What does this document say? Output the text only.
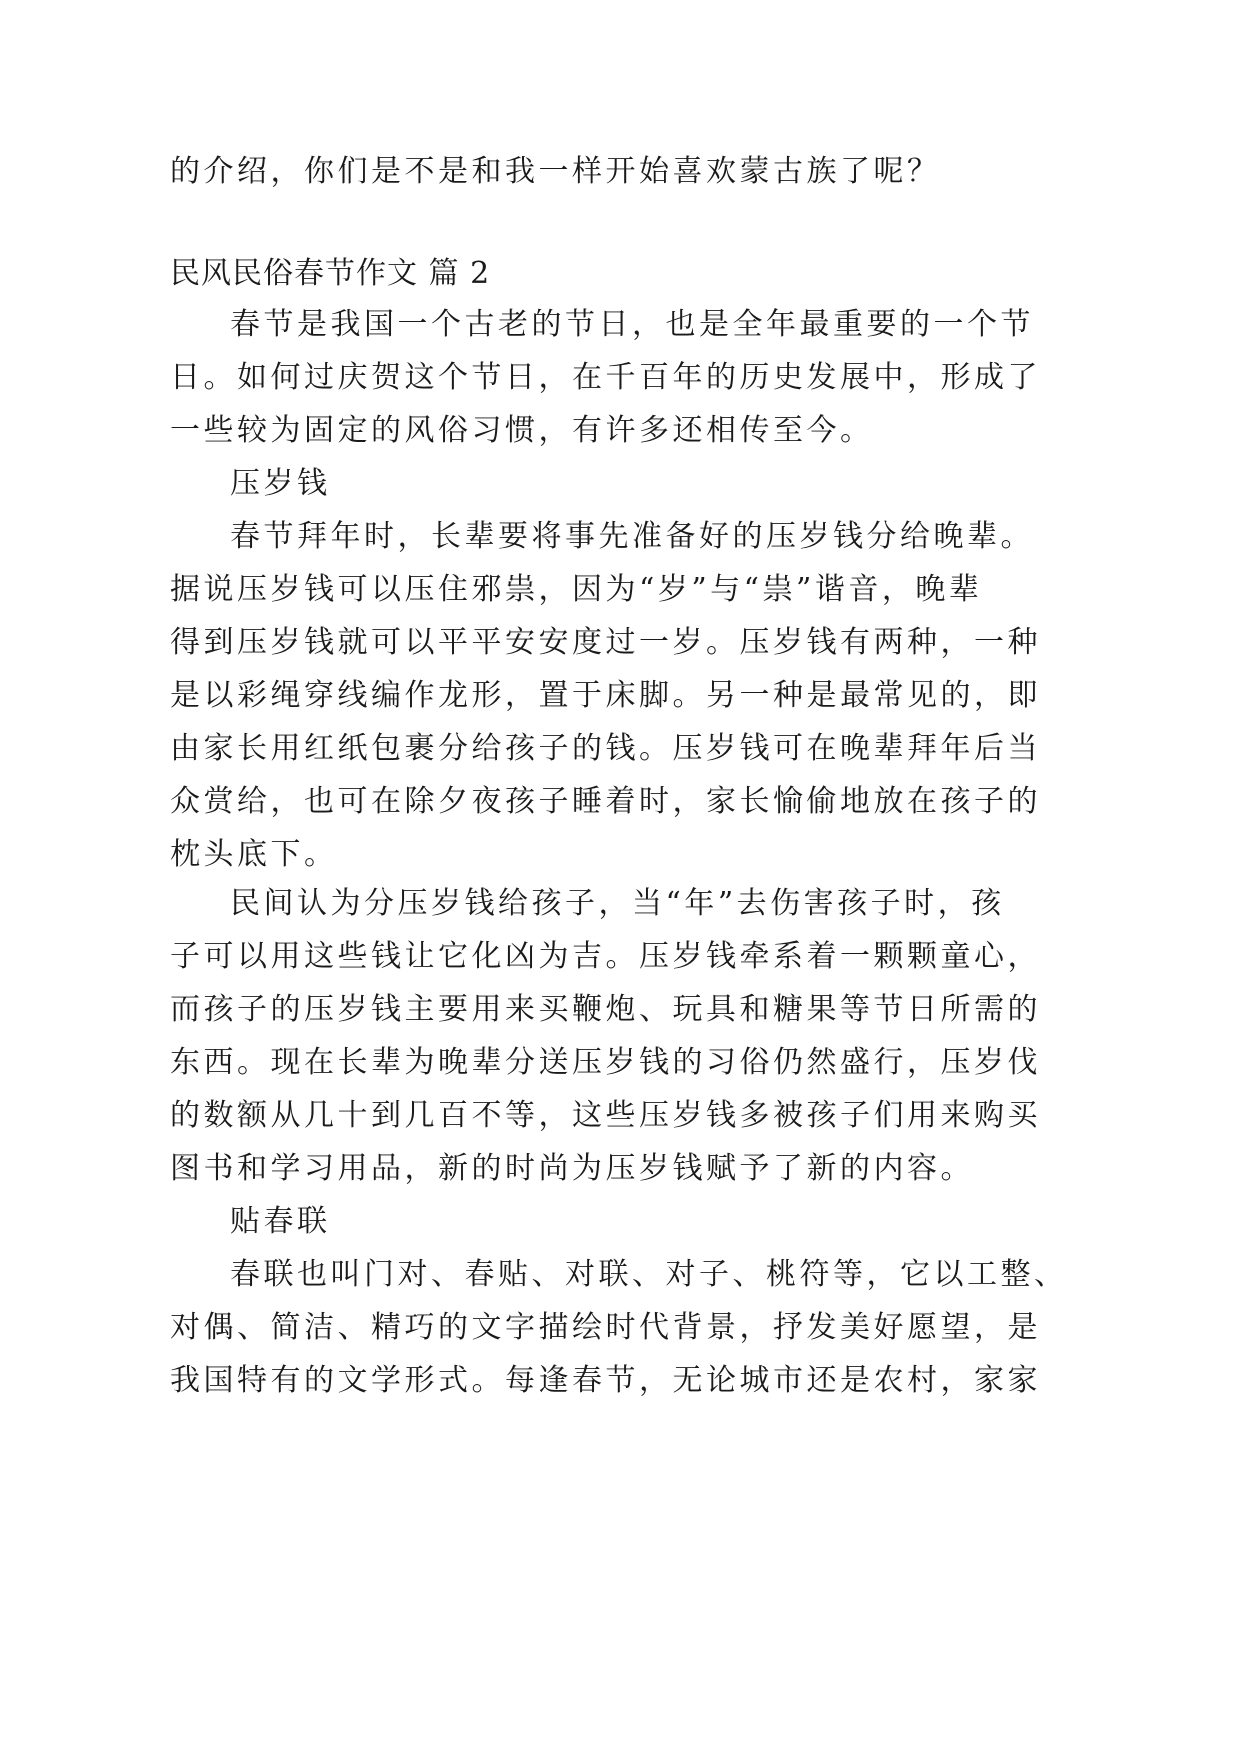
的介绍，你们是不是和我一样开始喜欢蒙古族了呢？
民风民俗春节作文 篇 2
春节是我国一个古老的节日，也是全年最重要的一个节
日。如何过庆贺这个节日，在千百年的历史发展中，形成了
一些较为固定的风俗习惯，有许多还相传至今。
压岁钱
春节拜年时，长辈要将事先准备好的压岁钱分给晚辈。
据说压岁钱可以压住邪祟，因为“岁”与“祟”谐音，晚辈
得到压岁钱就可以平平安安度过一岁。压岁钱有两种，一种
是以彩绳穿线编作龙形，置于床脚。另一种是最常见的，即
由家长用红纸包裹分给孩子的钱。压岁钱可在晚辈拜年后当
众赏给，也可在除夕夜孩子睡着时，家长愉偷地放在孩子的
枕头底下。
民间认为分压岁钱给孩子，当“年”去伤害孩子时，孩
子可以用这些钱让它化凶为吉。压岁钱牵系着一颗颗童心，
而孩子的压岁钱主要用来买鞭炮、玩具和糖果等节日所需的
东西。现在长辈为晚辈分送压岁钱的习俗仍然盛行，压岁伐
的数额从几十到几百不等，这些压岁钱多被孩子们用来购买
图书和学习用品，新的时尚为压岁钱赋予了新的内容。
贴春联
春联也叫门对、春贴、对联、对子、桃符等，它以工整、
对偶、简洁、精巧的文字描绘时代背景，抒发美好愿望，是
我国特有的文学形式。每逢春节，无论城市还是农村，家家
